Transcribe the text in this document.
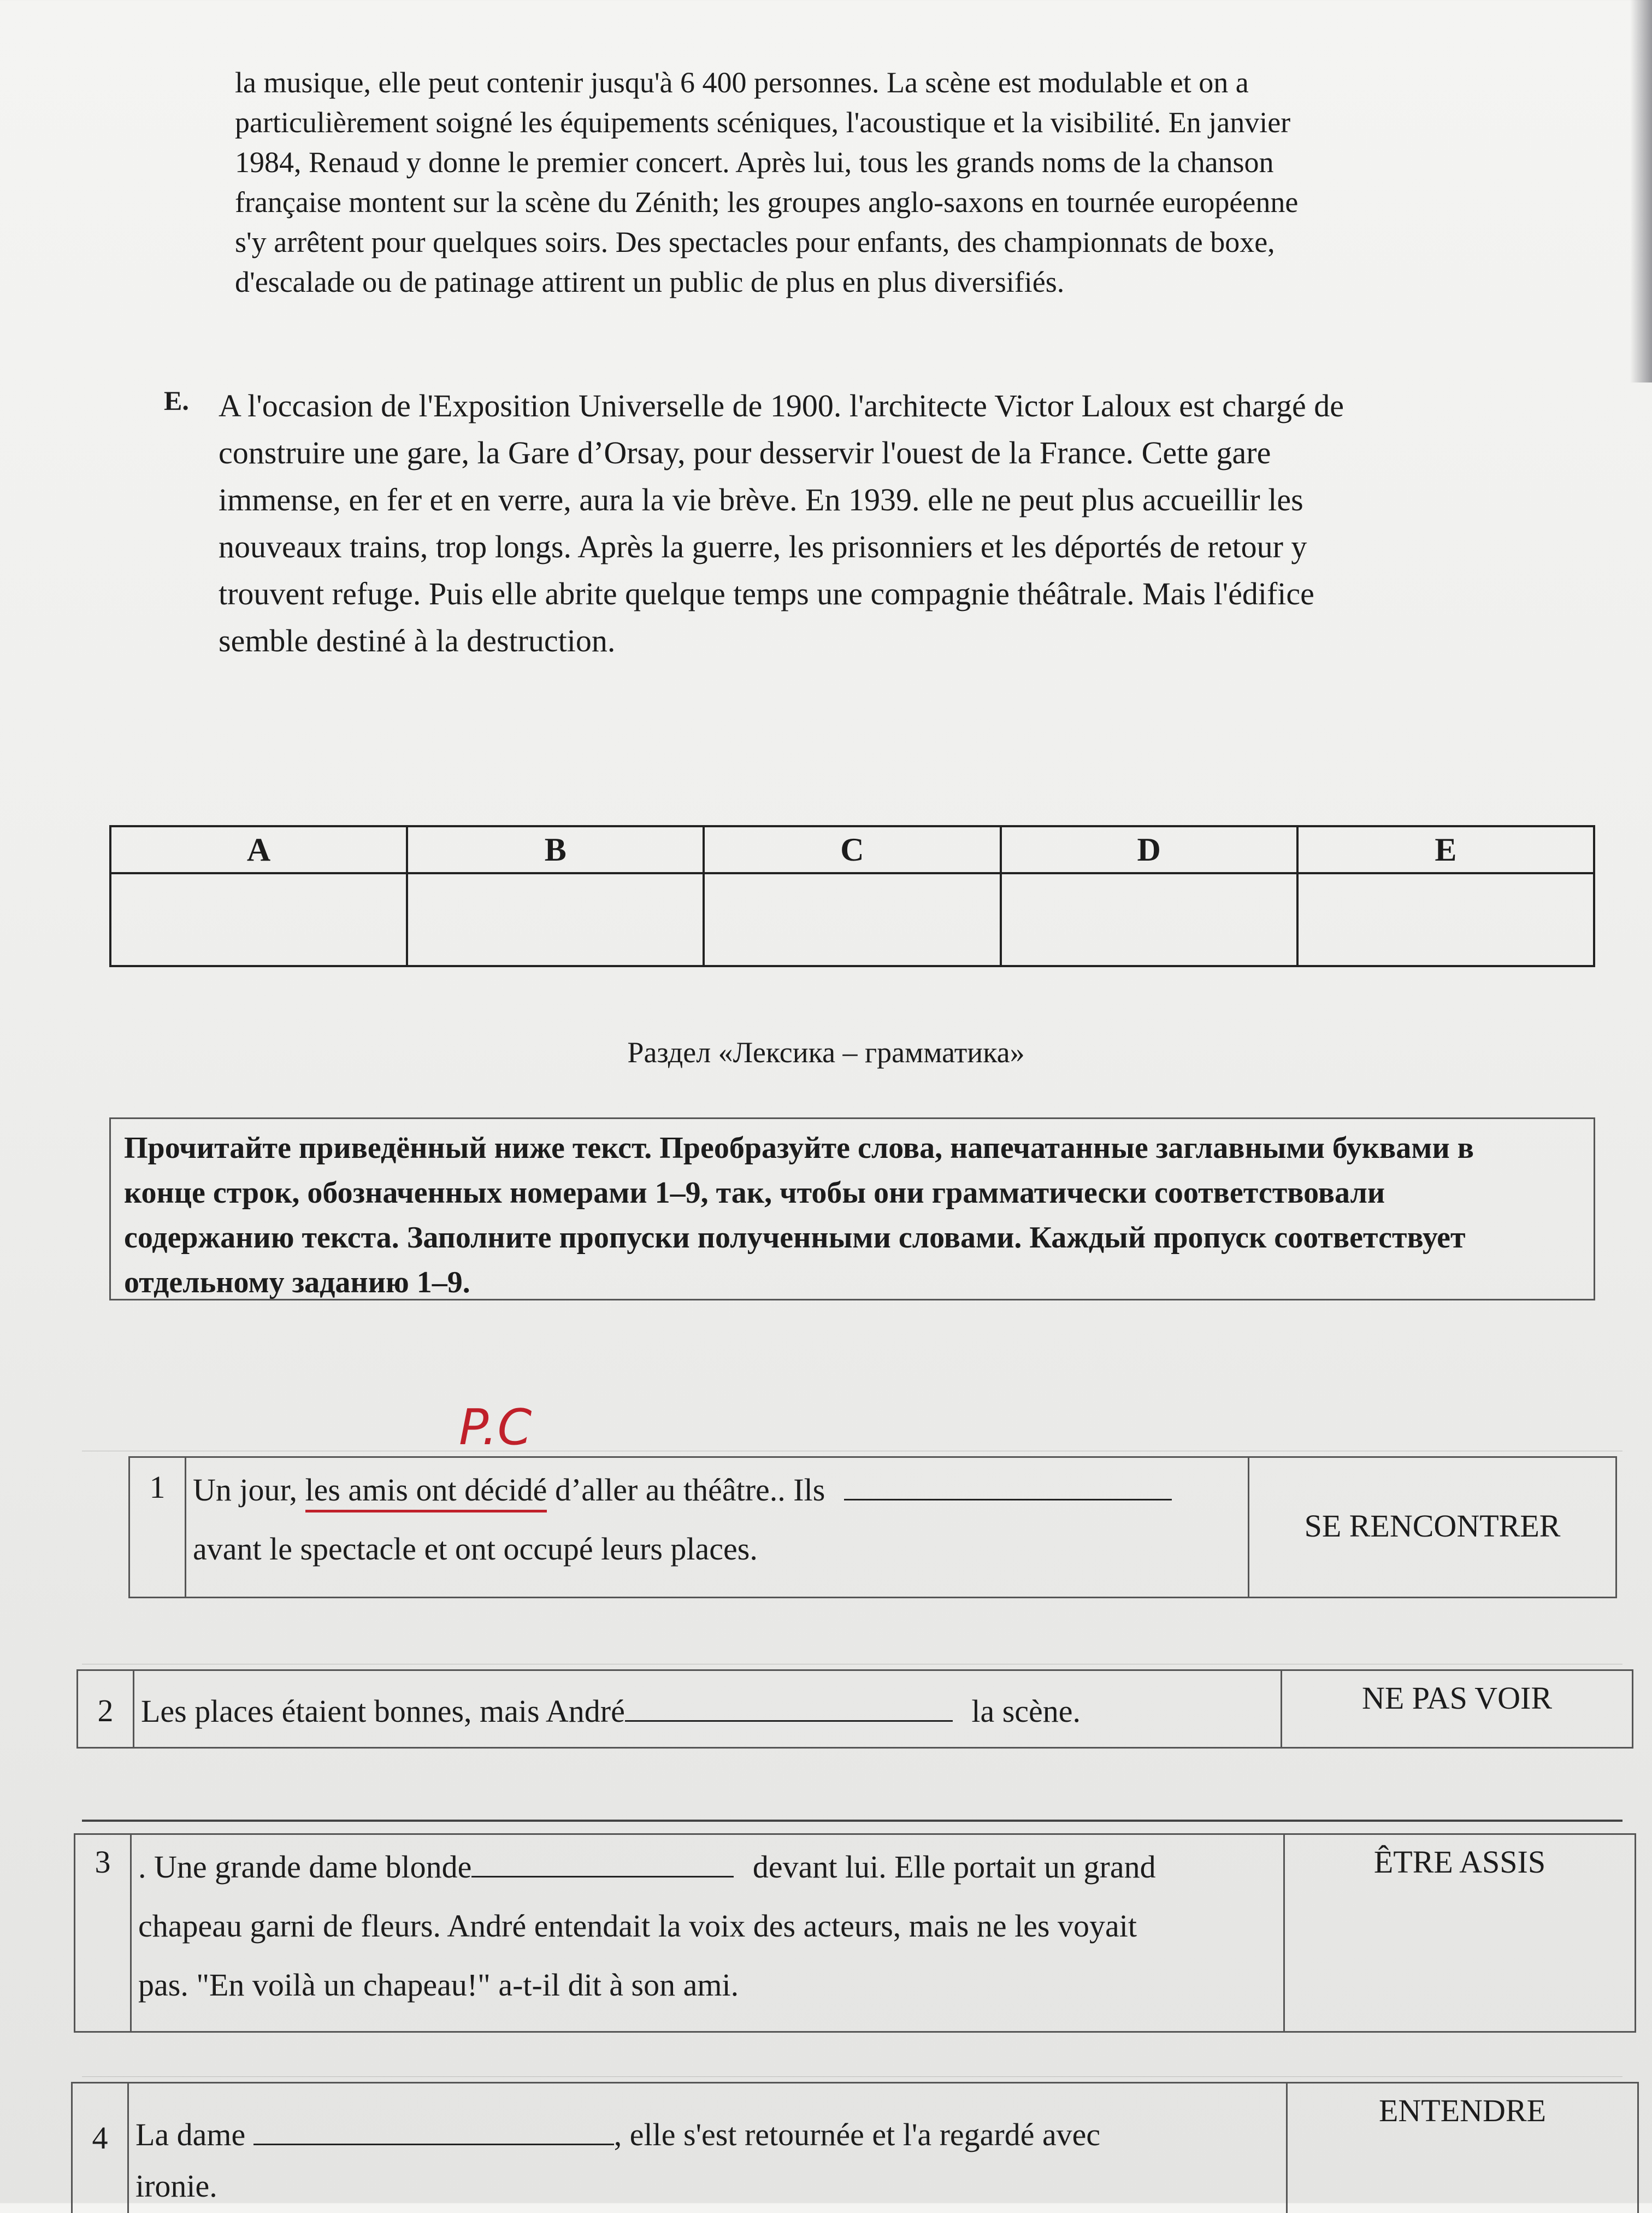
la musique, elle peut contenir jusqu'à 6 400 personnes. La scène est modulable et on a

particulièrement soigné les équipements scéniques, l'acoustique et la visibilité. En janvier

1984, Renaud y donne le premier concert. Après lui, tous les grands noms de la chanson

française montent sur la scène du Zénith; les groupes anglo-saxons en tournée européenne

s'y arrêtent pour quelques soirs. Des spectacles pour enfants, des championnats de boxe,

d'escalade ou de patinage attirent un public de plus en plus diversifiés.

E. A l'occasion de l'Exposition Universelle de 1900. l'architecte Victor Laloux est chargé de
construire une gare, la Gare d’Orsay, pour desservir l'ouest de la France. Cette gare
immense, en fer et en verre, aura la vie brève. En 1939. elle ne peut plus accueillir les
nouveaux trains, trop longs. Après la guerre, les prisonniers et les déportés de retour y
trouvent refuge. Puis elle abrite quelque temps une compagnie théâtrale. Mais l'édifice
semble destiné à la destruction.
A	B	C	D	E

Раздел «Лексика – грамматика»

Прочитайте приведённый ниже текст. Преобразуйте слова, напечатанные заглавными буквами в

конце строк, обозначенных номерами 1–9, так, чтобы они грамматически соответствовали

содержанию текста. Заполните пропуски полученными словами. Каждый пропуск соответствует

отдельному заданию 1–9.

P.C
1 Un jour, les amis ont décidé d’aller au théâtre.. Ils
avant le spectacle et ont occupé leurs places.
SE RENCONTRER
2 Les places étaient bonnes, mais André	la scène.	NE PAS VOIR
3 . Une grande dame blonde	devant lui. Elle portait un grand
chapeau garni de fleurs. André entendait la voix des acteurs, mais ne les voyait
pas. "En voilà un chapeau!" a-t-il dit à son ami.
ÊTRE ASSIS
4 La dame	, elle s'est retournée et l'a regardé avec
ironie.
ENTENDRE
